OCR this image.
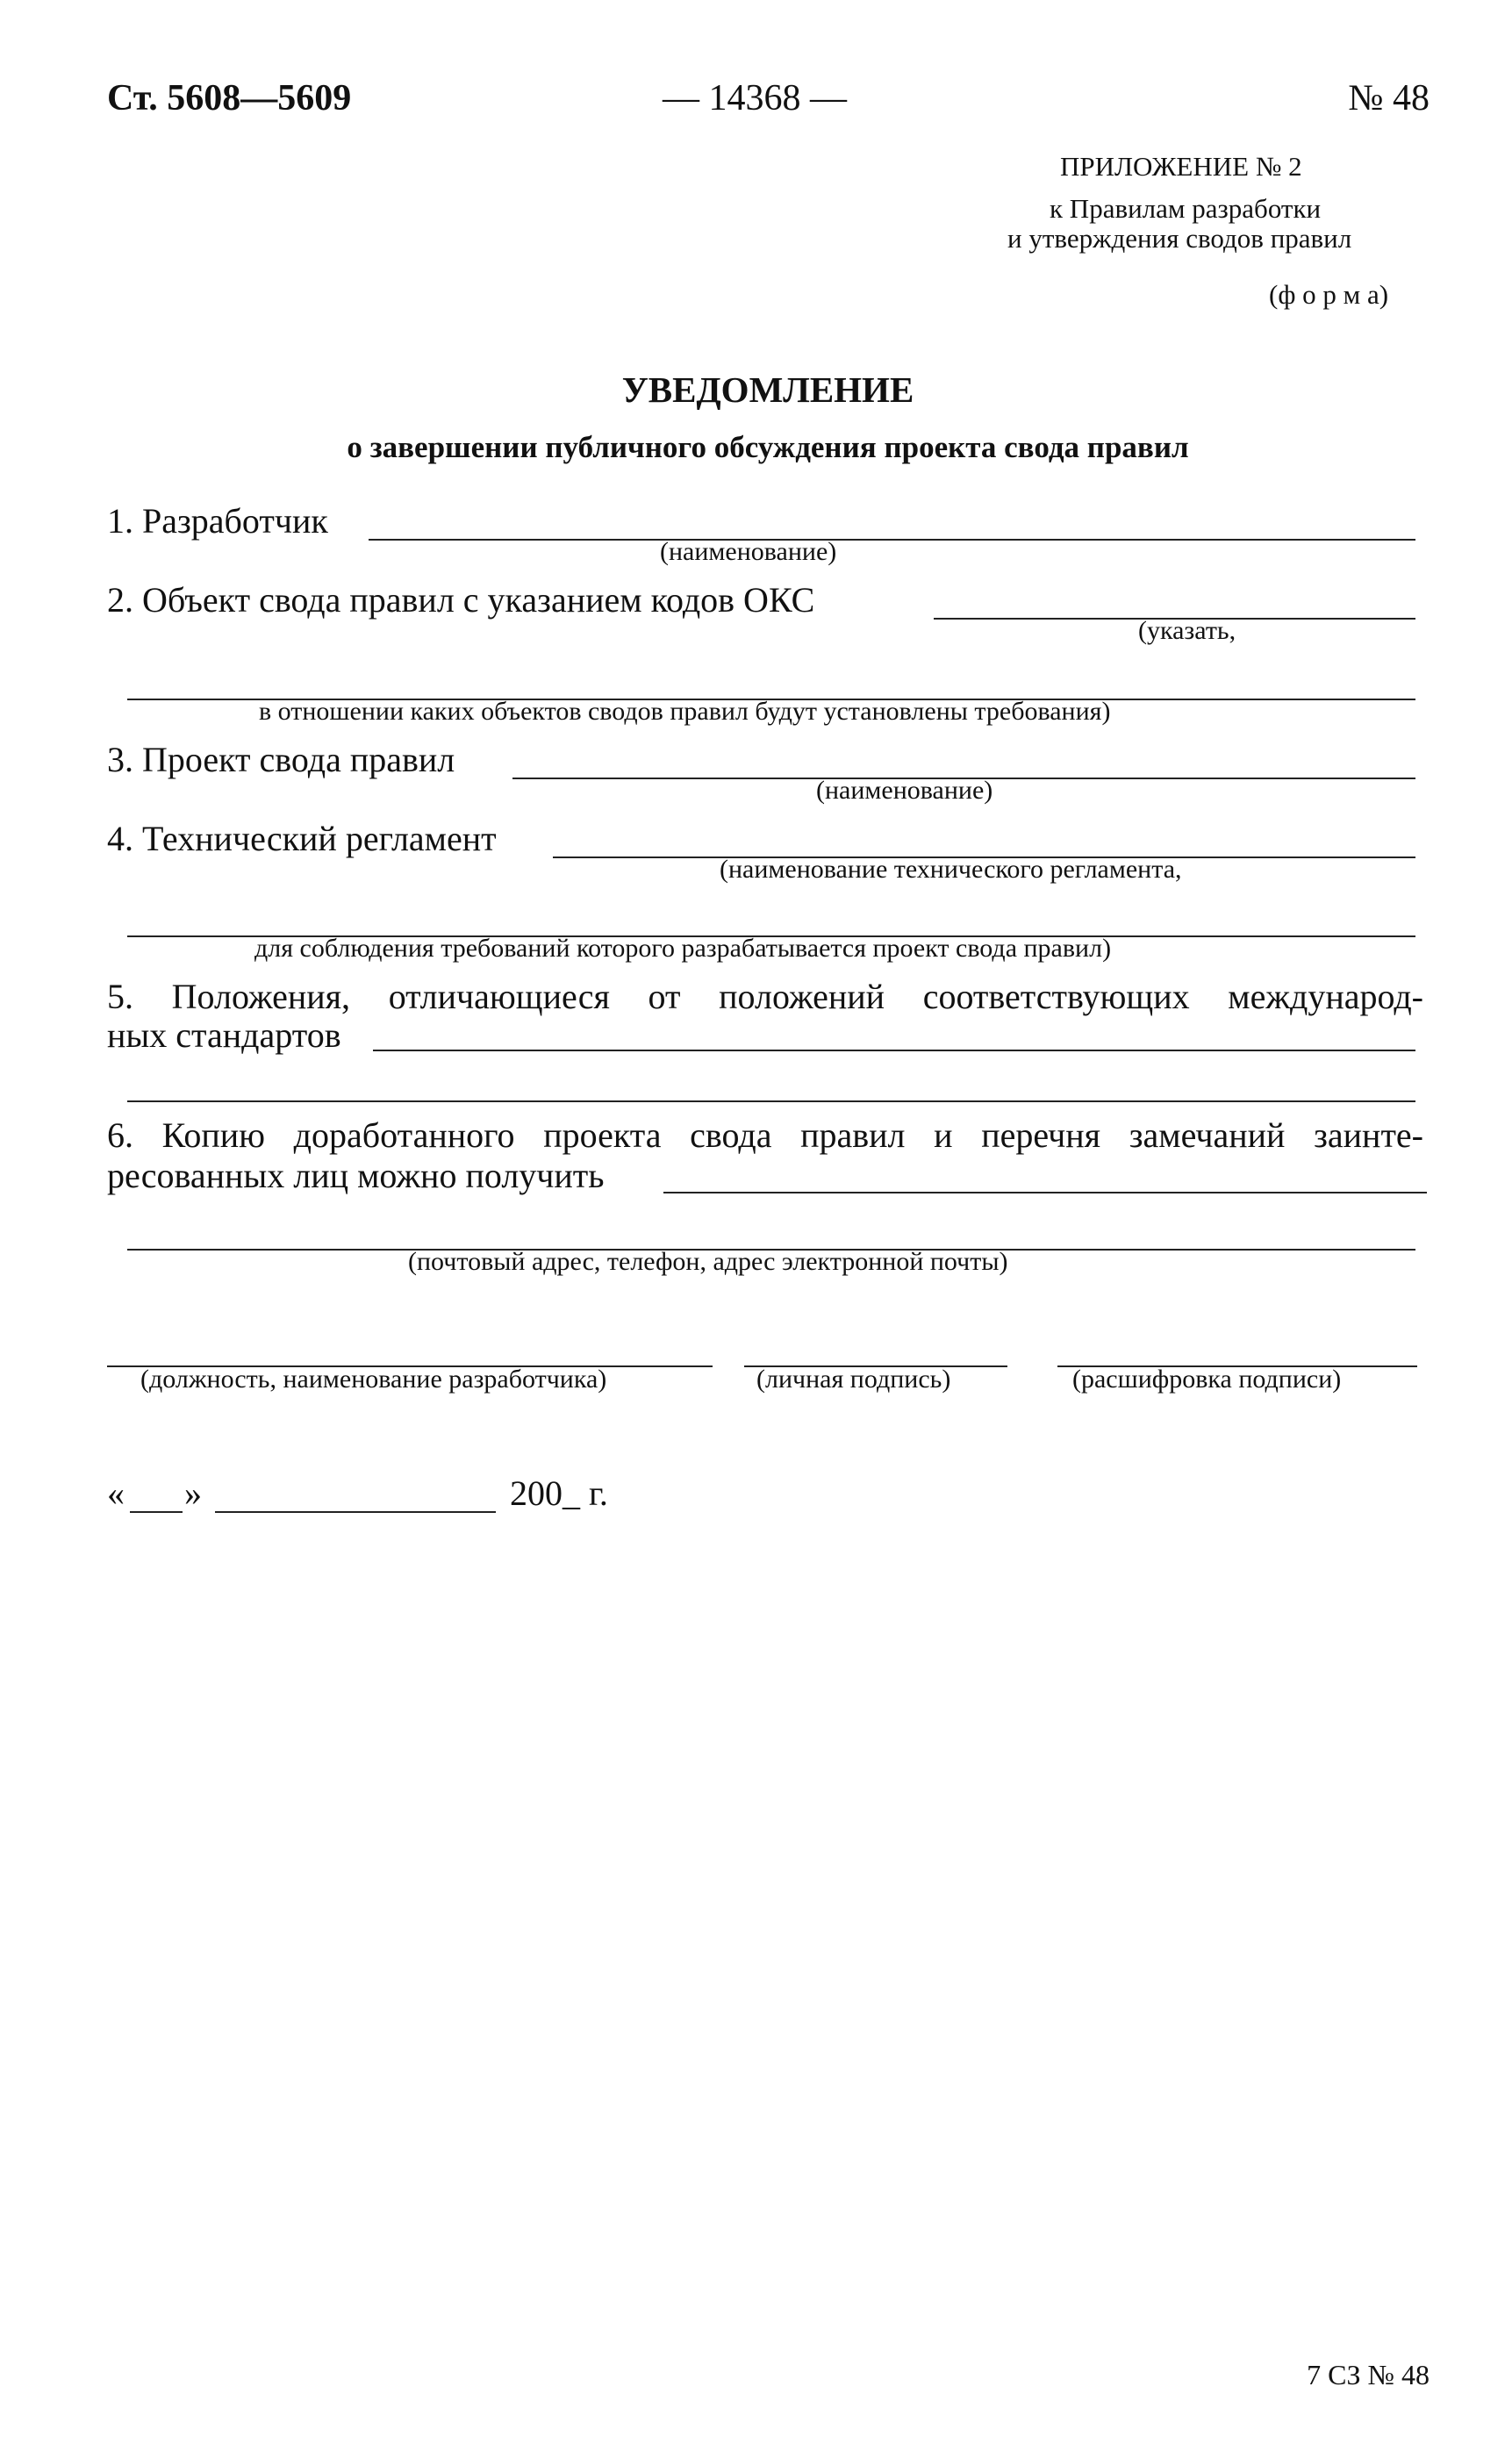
Ст. 5608—5609	— 14368 —	№ 48
ПРИЛОЖЕНИЕ № 2
к Правилам разработки
и утверждения сводов правил
(ф о р м а)
УВЕДОМЛЕНИЕ
о завершении публичного обсуждения проекта свода правил
1. Разработчик
(наименование)
2. Объект свода правил с указанием кодов ОКС
(указать,
в отношении каких объектов сводов правил будут установлены требования)
3. Проект свода правил
(наименование)
4. Технический регламент
(наименование технического регламента,
для соблюдения требований которого разрабатывается проект свода правил)
5. Положения, отличающиеся от положений соответствующих международ-
ных стандартов
6. Копию доработанного проекта свода правил и перечня замечаний заинте-
ресованных лиц можно получить
(почтовый адрес, телефон, адрес электронной почты)
(должность, наименование разработчика)	(личная подпись)	(расшифровка подписи)
« »	200_ г.
7 СЗ № 48
